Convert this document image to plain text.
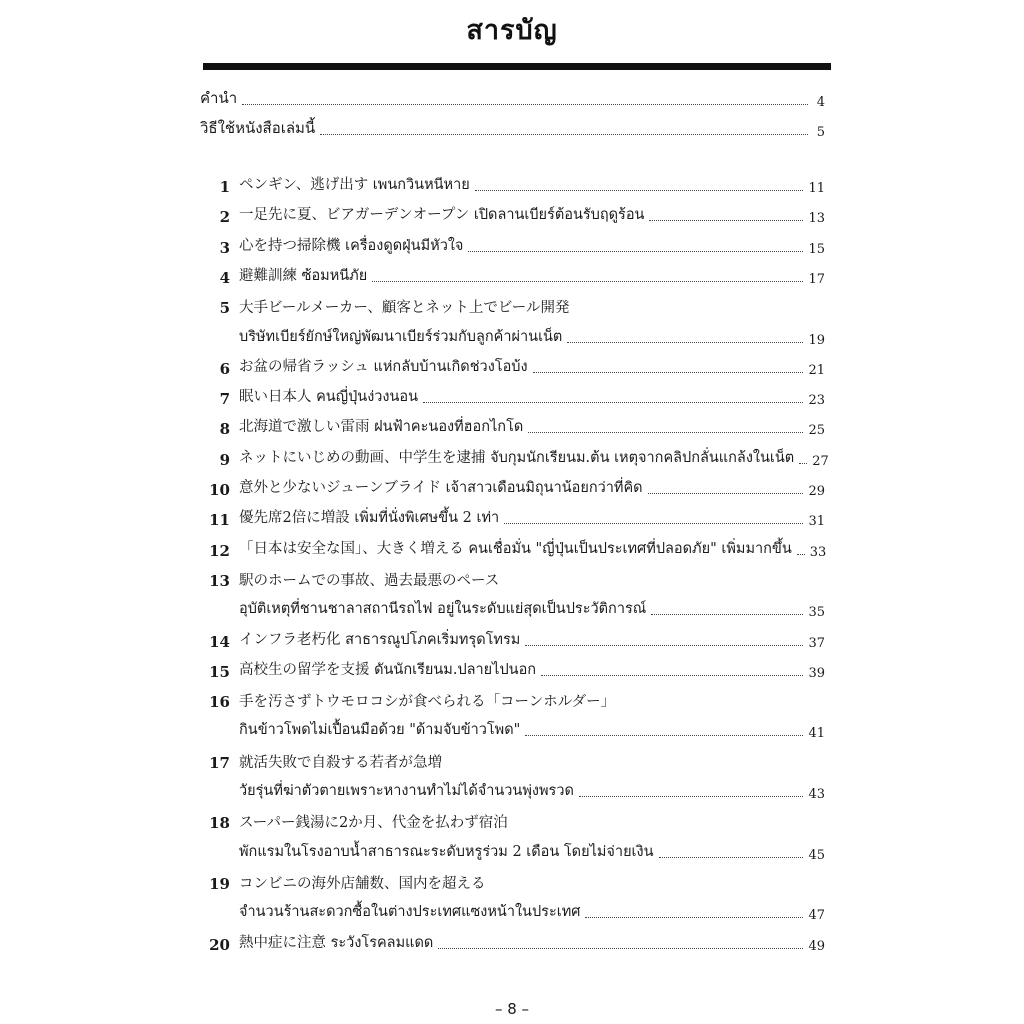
สารบัญ
คำนำ	4
วิธีใช้หนังสือเล่มนี้	5
1 ペンギン、逃げ出す เพนกวินหนีหาย	11
2 一足先に夏、ビアガーデンオープン เปิดลานเบียร์ต้อนรับฤดูร้อน	13
3 心を持つ掃除機 เครื่องดูดฝุ่นมีหัวใจ	15
4 避難訓練 ซ้อมหนีภัย	17
5 大手ビールメーカー、顧客とネット上でビール開発
บริษัทเบียร์ยักษ์ใหญ่พัฒนาเบียร์ร่วมกับลูกค้าผ่านเน็ต	19
6 お盆の帰省ラッシュ แห่กลับบ้านเกิดช่วงโอบ้ง	21
7 眠い日本人 คนญี่ปุ่นง่วงนอน	23
8 北海道で激しい雷雨 ฝนฟ้าคะนองที่ฮอกไกโด	25
9 ネットにいじめの動画、中学生を逮捕 จับกุมนักเรียนม.ต้น เหตุจากคลิปกลั่นแกล้งในเน็ต 27
10 意外と少ないジューンブライド เจ้าสาวเดือนมิถุนาน้อยกว่าที่คิด	29
11 優先席2倍に増設 เพิ่มที่นั่งพิเศษขึ้น 2 เท่า	31
12 「日本は安全な国」、大きく増える คนเชื่อมั่น "ญี่ปุ่นเป็นประเทศที่ปลอดภัย" เพิ่มมากขึ้น 33
13 駅のホームでの事故、過去最悪のペース
อุบัติเหตุที่ชานชาลาสถานีรถไฟ อยู่ในระดับแย่สุดเป็นประวัติการณ์	35
14 インフラ老朽化 สาธารณูปโภคเริ่มทรุดโทรม	37
15 高校生の留学を支援 ดันนักเรียนม.ปลายไปนอก	39
16 手を汚さずトウモロコシが食べられる「コーンホルダー」
กินข้าวโพดไม่เปื้อนมือด้วย "ด้ามจับข้าวโพด"	41
17 就活失敗で自殺する若者が急増
วัยรุ่นที่ฆ่าตัวตายเพราะหางานทำไม่ได้จำนวนพุ่งพรวด	43
18 スーパー銭湯に2か月、代金を払わず宿泊
พักแรมในโรงอาบน้ำสาธารณะระดับหรูร่วม 2 เดือน โดยไม่จ่ายเงิน	45
19 コンビニの海外店舗数、国内を超える
จำนวนร้านสะดวกซื้อในต่างประเทศแซงหน้าในประเทศ	47
20 熱中症に注意 ระวังโรคลมแดด	49
– 8 –
